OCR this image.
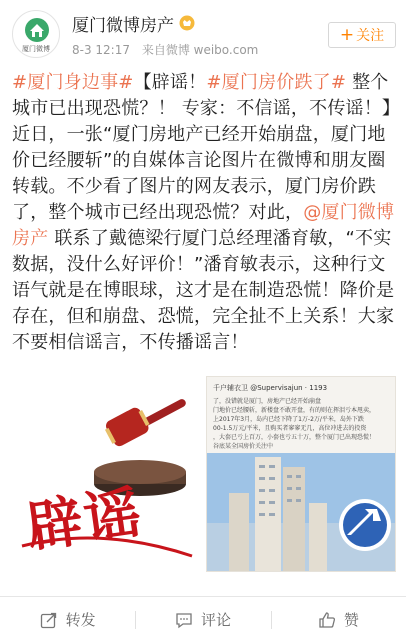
厦门微博
厦门微博房产
8-3 12:17 来自微博 weibo.com
+ 关注
#厦门身边事#【辟谣！#厦门房价跌了# 整个城市已出现恐慌？！ 专家：不信谣，不传谣！】近日，一张“厦门房地产已经开始崩盘，厦门地价已经腰斩”的自媒体言论图片在微博和朋友圈转载。不少看了图片的网友表示，厦门房价跌了，整个城市已经出现恐慌？对此，@厦门微博房产 联系了戴德梁行厦门总经理潘育敏，“不实数据，没什么好评价！”潘育敏表示，这种行文语气就是在博眼球，这才是在制造恐慌！降价是存在，但和崩盘、恐慌，完全扯不上关系！大家不要相信谣言，不传播谣言！
辟谣
千户辅衣卫 @Supervisajun · 1193
了，没错就是厦门，房地产已经开始崩盘
门地价已经腰斩，新楼盘不敢开盘，有的则在挥泪亏本甩卖，
上2017年3月，岛内已经下降了1万-2万/平米，岛外下跌
00-1.5万元/平米，且购买者寥寥无几，高位冲进去的投资
，大套已亏上百万，小套也亏五十万，整个厦门已出现恐慌！
谷底某全国房价关注中
转发	评论	赞
